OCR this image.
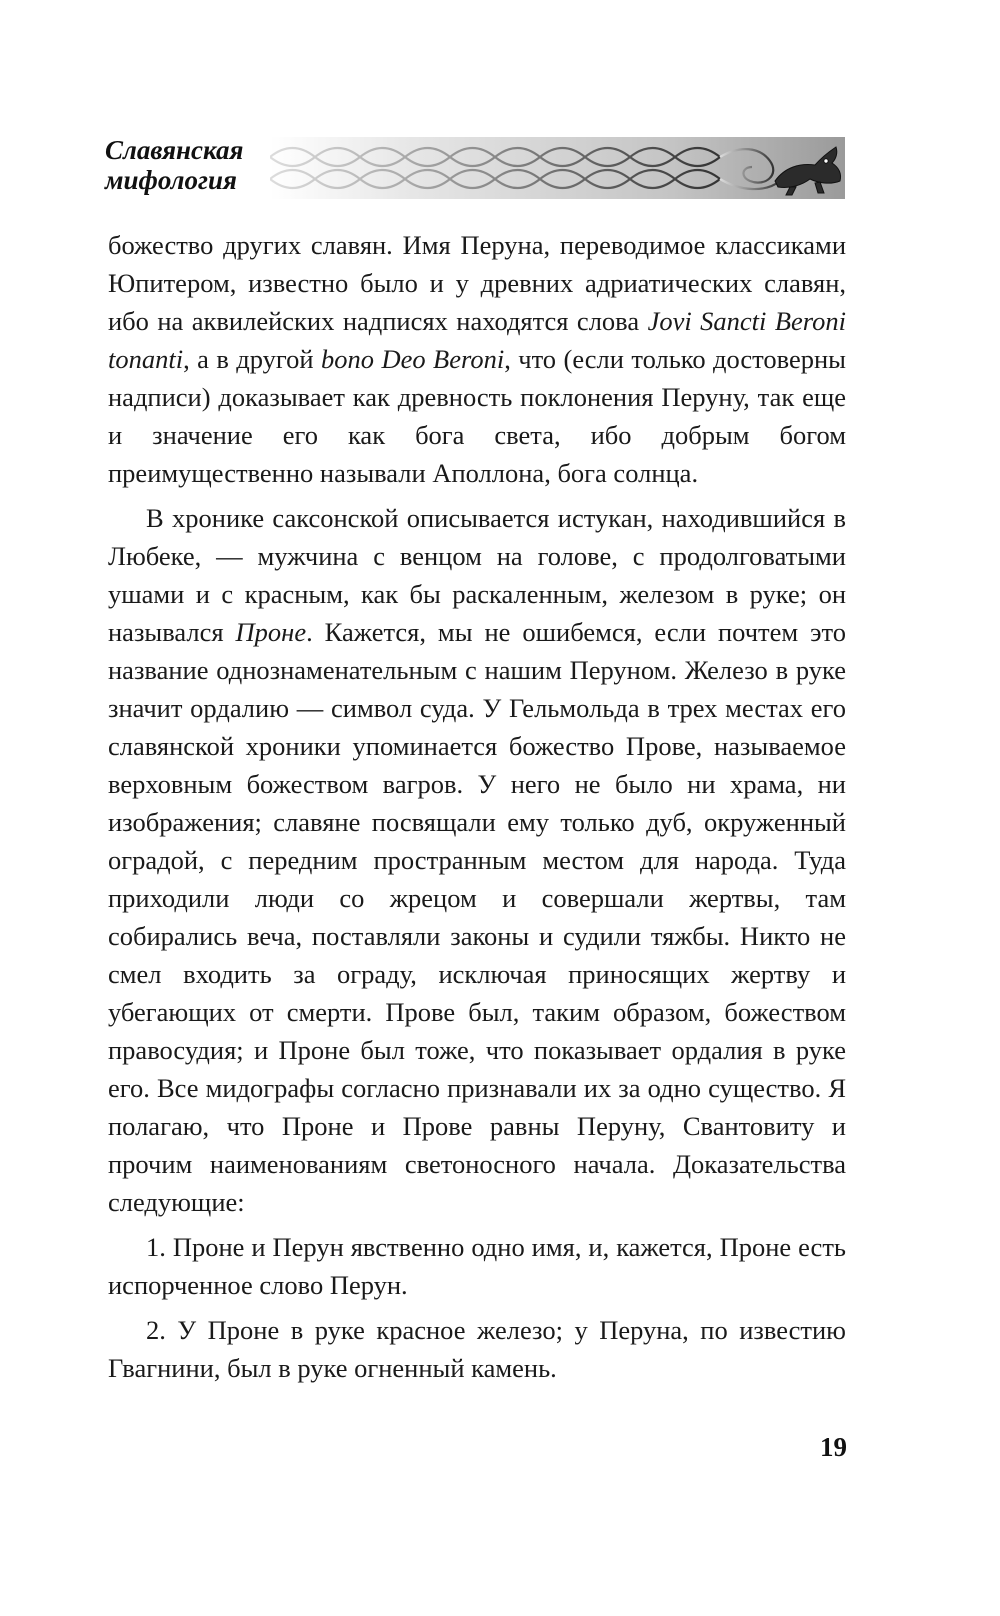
Славянская
мифология

божество других славян. Имя Перуна, переводимое классиками Юпитером, известно было и у древних адриатических славян, ибо на аквилейских надписях находятся слова Jovi Sancti Beroni tonanti, а в другой bono Deo Beroni, что (если только достоверны надписи) доказывает как древность поклонения Перуну, так еще и значение его как бога света, ибо добрым богом преимущественно называли Аполлона, бога солнца.

В хронике саксонской описывается истукан, находившийся в Любеке, — мужчина с венцом на голове, с продолговатыми ушами и с красным, как бы раскаленным, железом в руке; он назывался Проне. Кажется, мы не ошибемся, если почтем это название однознаменательным с нашим Перуном. Железо в руке значит ордалию — символ суда. У Гельмольда в трех местах его славянской хроники упоминается божество Прове, называемое верховным божеством вагров. У него не было ни храма, ни изображения; славяне посвящали ему только дуб, окруженный оградой, с передним пространным местом для народа. Туда приходили люди со жрецом и совершали жертвы, там собирались веча, поставляли законы и судили тяжбы. Никто не смел входить за ограду, исключая приносящих жертву и убегающих от смерти. Прове был, таким образом, божеством правосудия; и Проне был тоже, что показывает ордалия в руке его. Все мидографы согласно признавали их за одно существо. Я полагаю, что Проне и Прове равны Перуну, Свантовиту и прочим наименованиям светоносного начала. Доказательства следующие:

1. Проне и Перун явственно одно имя, и, кажется, Проне есть испорченное слово Перун.

2. У Проне в руке красное железо; у Перуна, по известию Гвагнини, был в руке огненный камень.

19
